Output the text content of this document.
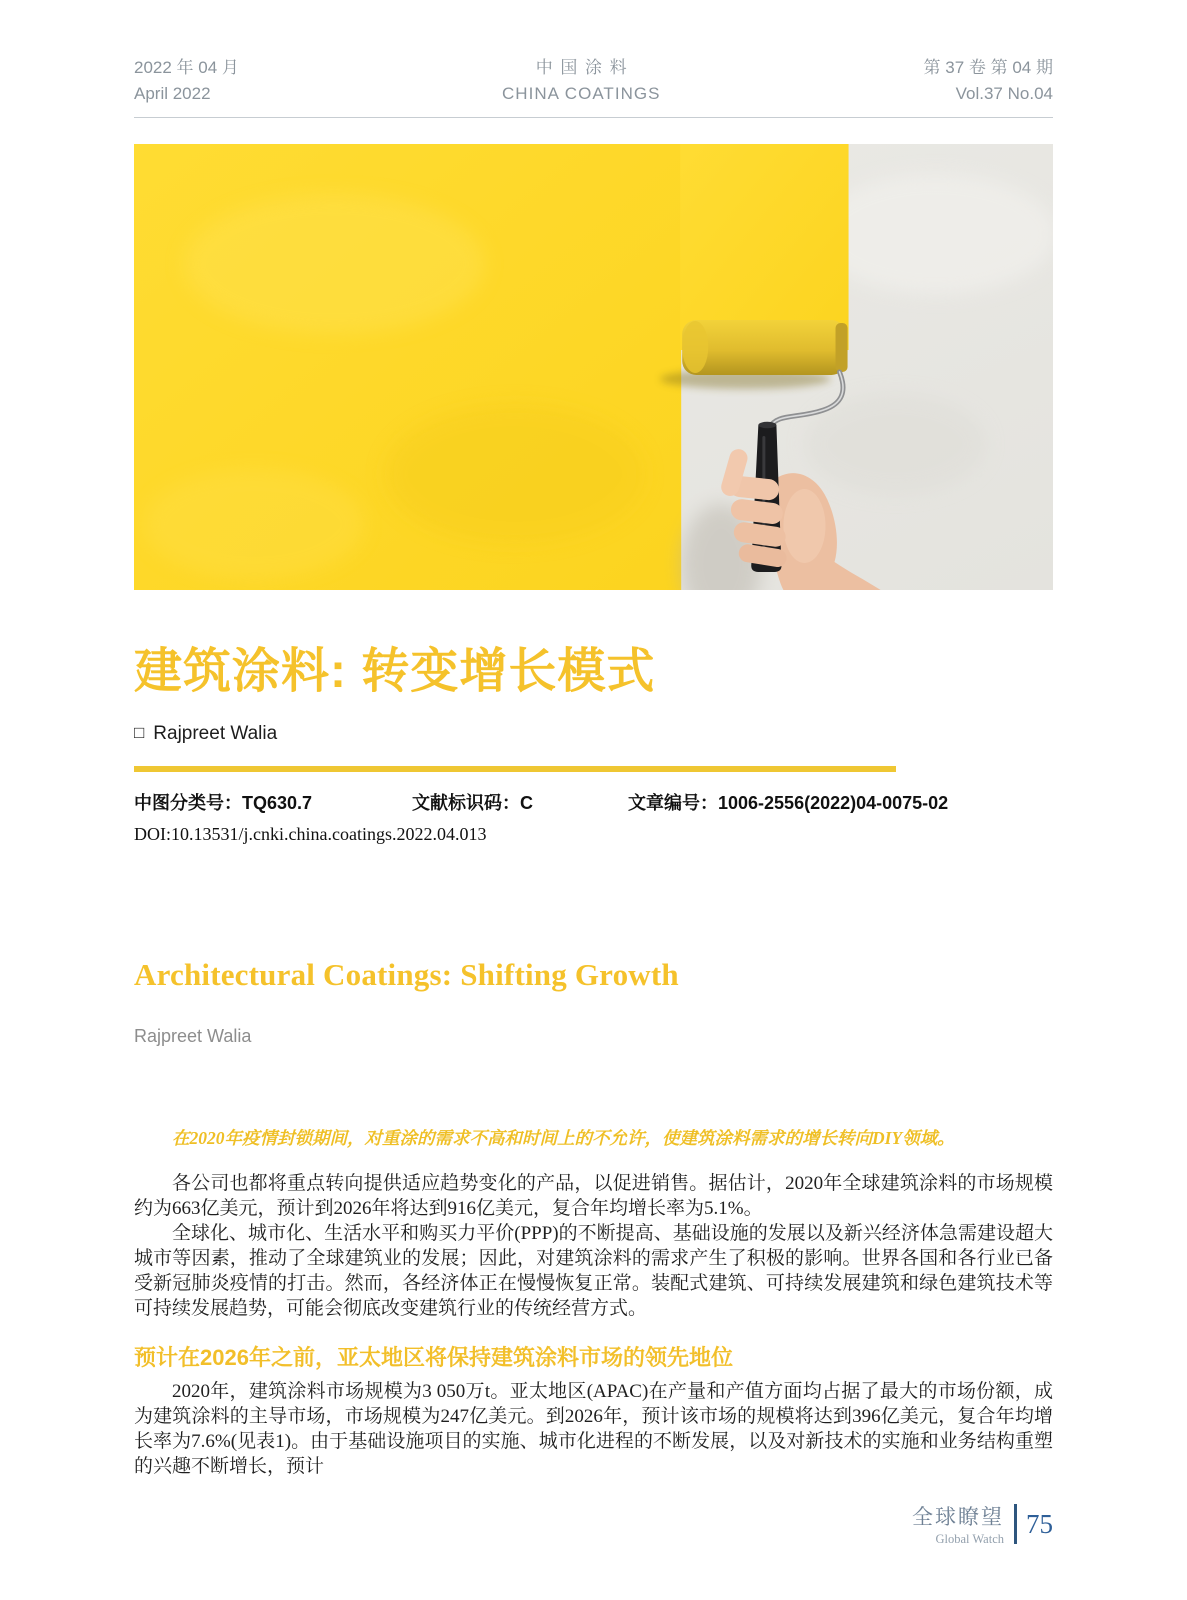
2022 年 04 月
April 2022
中国涂料
CHINA COATINGS
第 37 卷 第 04 期
Vol.37 No.04
建筑涂料: 转变增长模式
□ Rajpreet Walia
中图分类号：TQ630.7	文献标识码：C	文章编号：1006-2556(2022)04-0075-02
DOI:10.13531/j.cnki.china.coatings.2022.04.013
Architectural Coatings: Shifting Growth
Rajpreet Walia

在2020年疫情封锁期间，对重涂的需求不高和时间上的不允许，使建筑涂料需求的增长转向DIY领域。

各公司也都将重点转向提供适应趋势变化的产品，以促进销售。据估计，2020年全球建筑涂料的市场规模约为663亿美元，预计到2026年将达到916亿美元，复合年均增长率为5.1%。

全球化、城市化、生活水平和购买力平价(PPP)的不断提高、基础设施的发展以及新兴经济体急需建设超大城市等因素，推动了全球建筑业的发展；因此，对建筑涂料的需求产生了积极的影响。世界各国和各行业已备受新冠肺炎疫情的打击。然而，各经济体正在慢慢恢复正常。装配式建筑、可持续发展建筑和绿色建筑技术等可持续发展趋势，可能会彻底改变建筑行业的传统经营方式。

预计在2026年之前，亚太地区将保持建筑涂料市场的领先地位

2020年，建筑涂料市场规模为3 050万t。亚太地区(APAC)在产量和产值方面均占据了最大的市场份额，成为建筑涂料的主导市场，市场规模为247亿美元。到2026年，预计该市场的规模将达到396亿美元，复合年均增长率为7.6%(见表1)。由于基础设施项目的实施、城市化进程的不断发展，以及对新技术的实施和业务结构重塑的兴趣不断增长，预计

全球瞭望
Global Watch
75
